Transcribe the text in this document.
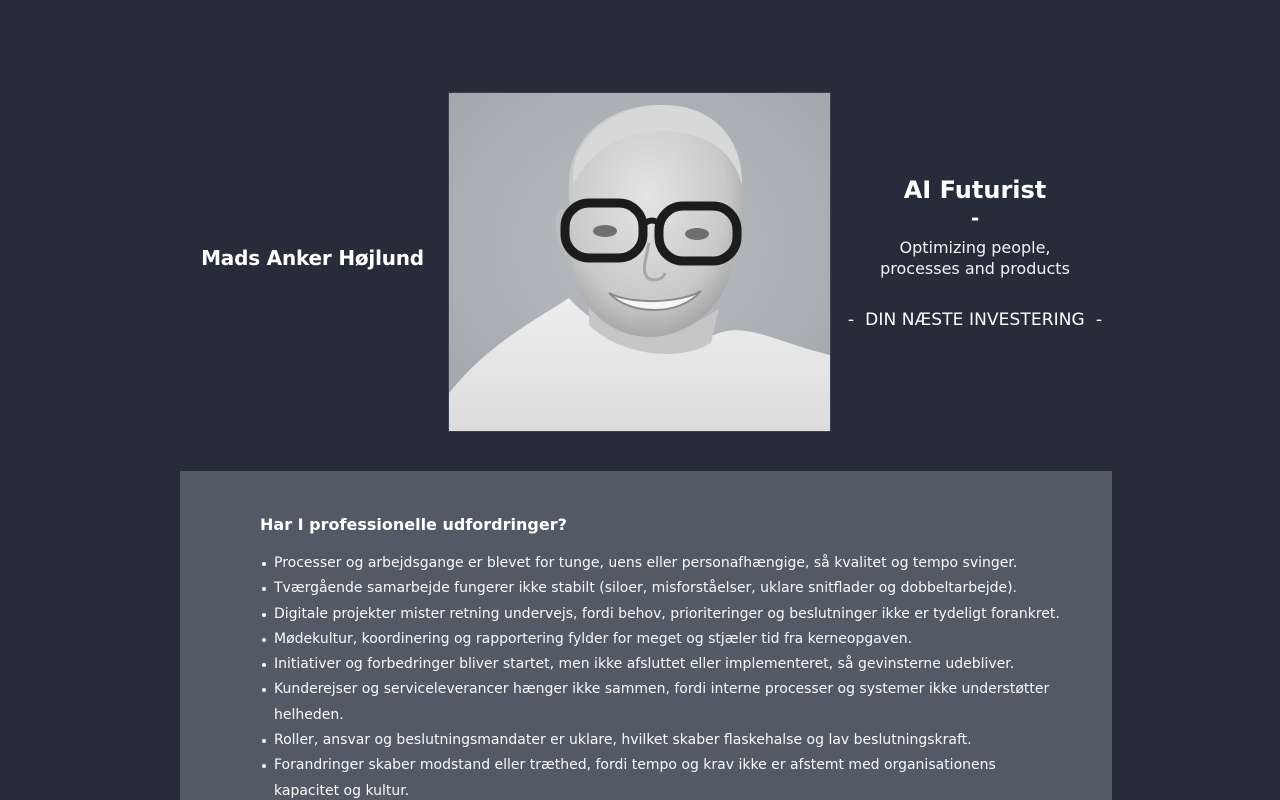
Mads Anker Højlund
AI Futurist
-
Optimizing people,
processes and products
-  DIN NÆSTE INVESTERING  -
Har I professionelle udfordringer?
Processer og arbejdsgange er blevet for tunge, uens eller personafhængige, så kvalitet og tempo svinger.
Tværgående samarbejde fungerer ikke stabilt (siloer, misforståelser, uklare snitflader og dobbeltarbejde).
Digitale projekter mister retning undervejs, fordi behov, prioriteringer og beslutninger ikke er tydeligt forankret.
Mødekultur, koordinering og rapportering fylder for meget og stjæler tid fra kerneopgaven.
Initiativer og forbedringer bliver startet, men ikke afsluttet eller implementeret, så gevinsterne udebliver.
Kunderejser og serviceleverancer hænger ikke sammen, fordi interne processer og systemer ikke understøtter helheden.
Roller, ansvar og beslutningsmandater er uklare, hvilket skaber flaskehalse og lav beslutningskraft.
Forandringer skaber modstand eller træthed, fordi tempo og krav ikke er afstemt med organisationens kapacitet og kultur.
